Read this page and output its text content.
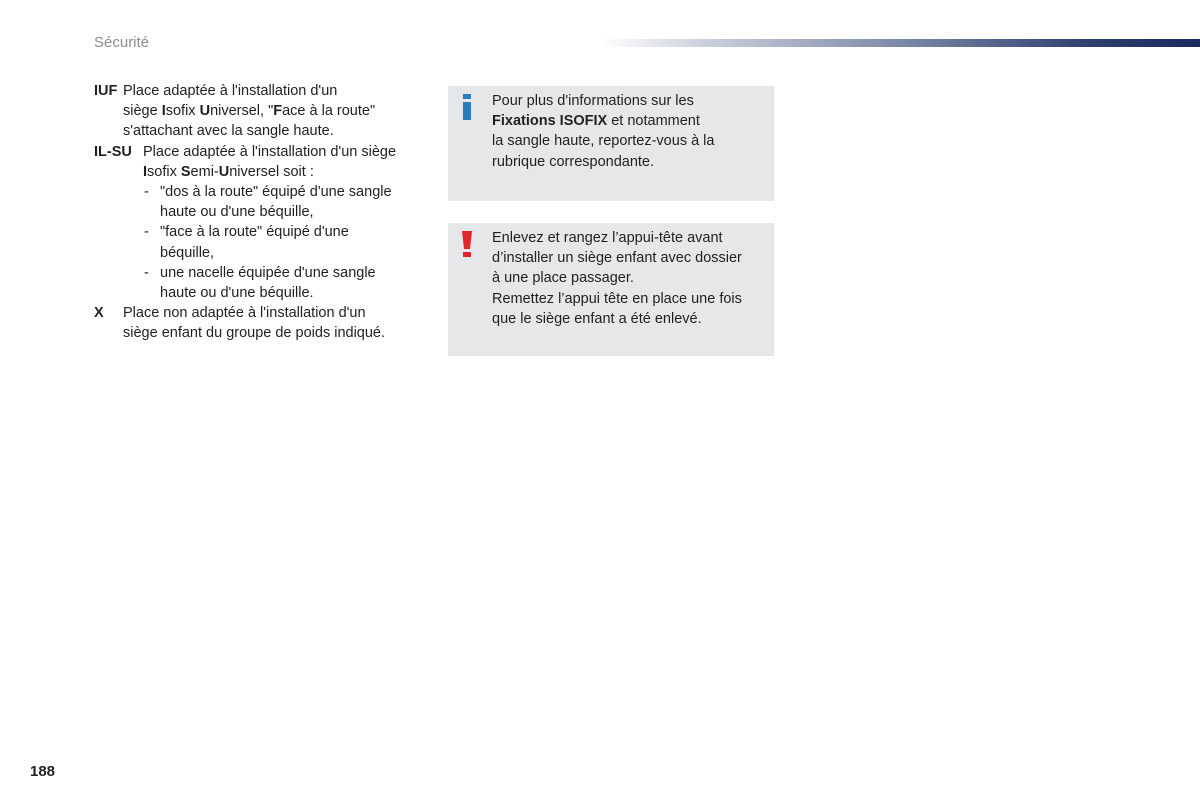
Sécurité
IUF Place adaptée à l'installation d'un
siège Isofix Universel, "Face à la route"
s'attachant avec la sangle haute.
IL-SU Place adaptée à l'installation d'un siège
Isofix Semi-Universel soit :
- "dos à la route" équipé d'une sangle
haute ou d'une béquille,
- "face à la route" équipé d'une
béquille,
- une nacelle équipée d'une sangle
haute ou d'une béquille.
X Place non adaptée à l'installation d'un
siège enfant du groupe de poids indiqué.
Pour plus d'informations sur les
Fixations ISOFIX et notamment
la sangle haute, reportez-vous à la
rubrique correspondante.
Enlevez et rangez l’appui-tête avant
d’installer un siège enfant avec dossier
à une place passager.
Remettez l’appui tête en place une fois
que le siège enfant a été enlevé.
188
